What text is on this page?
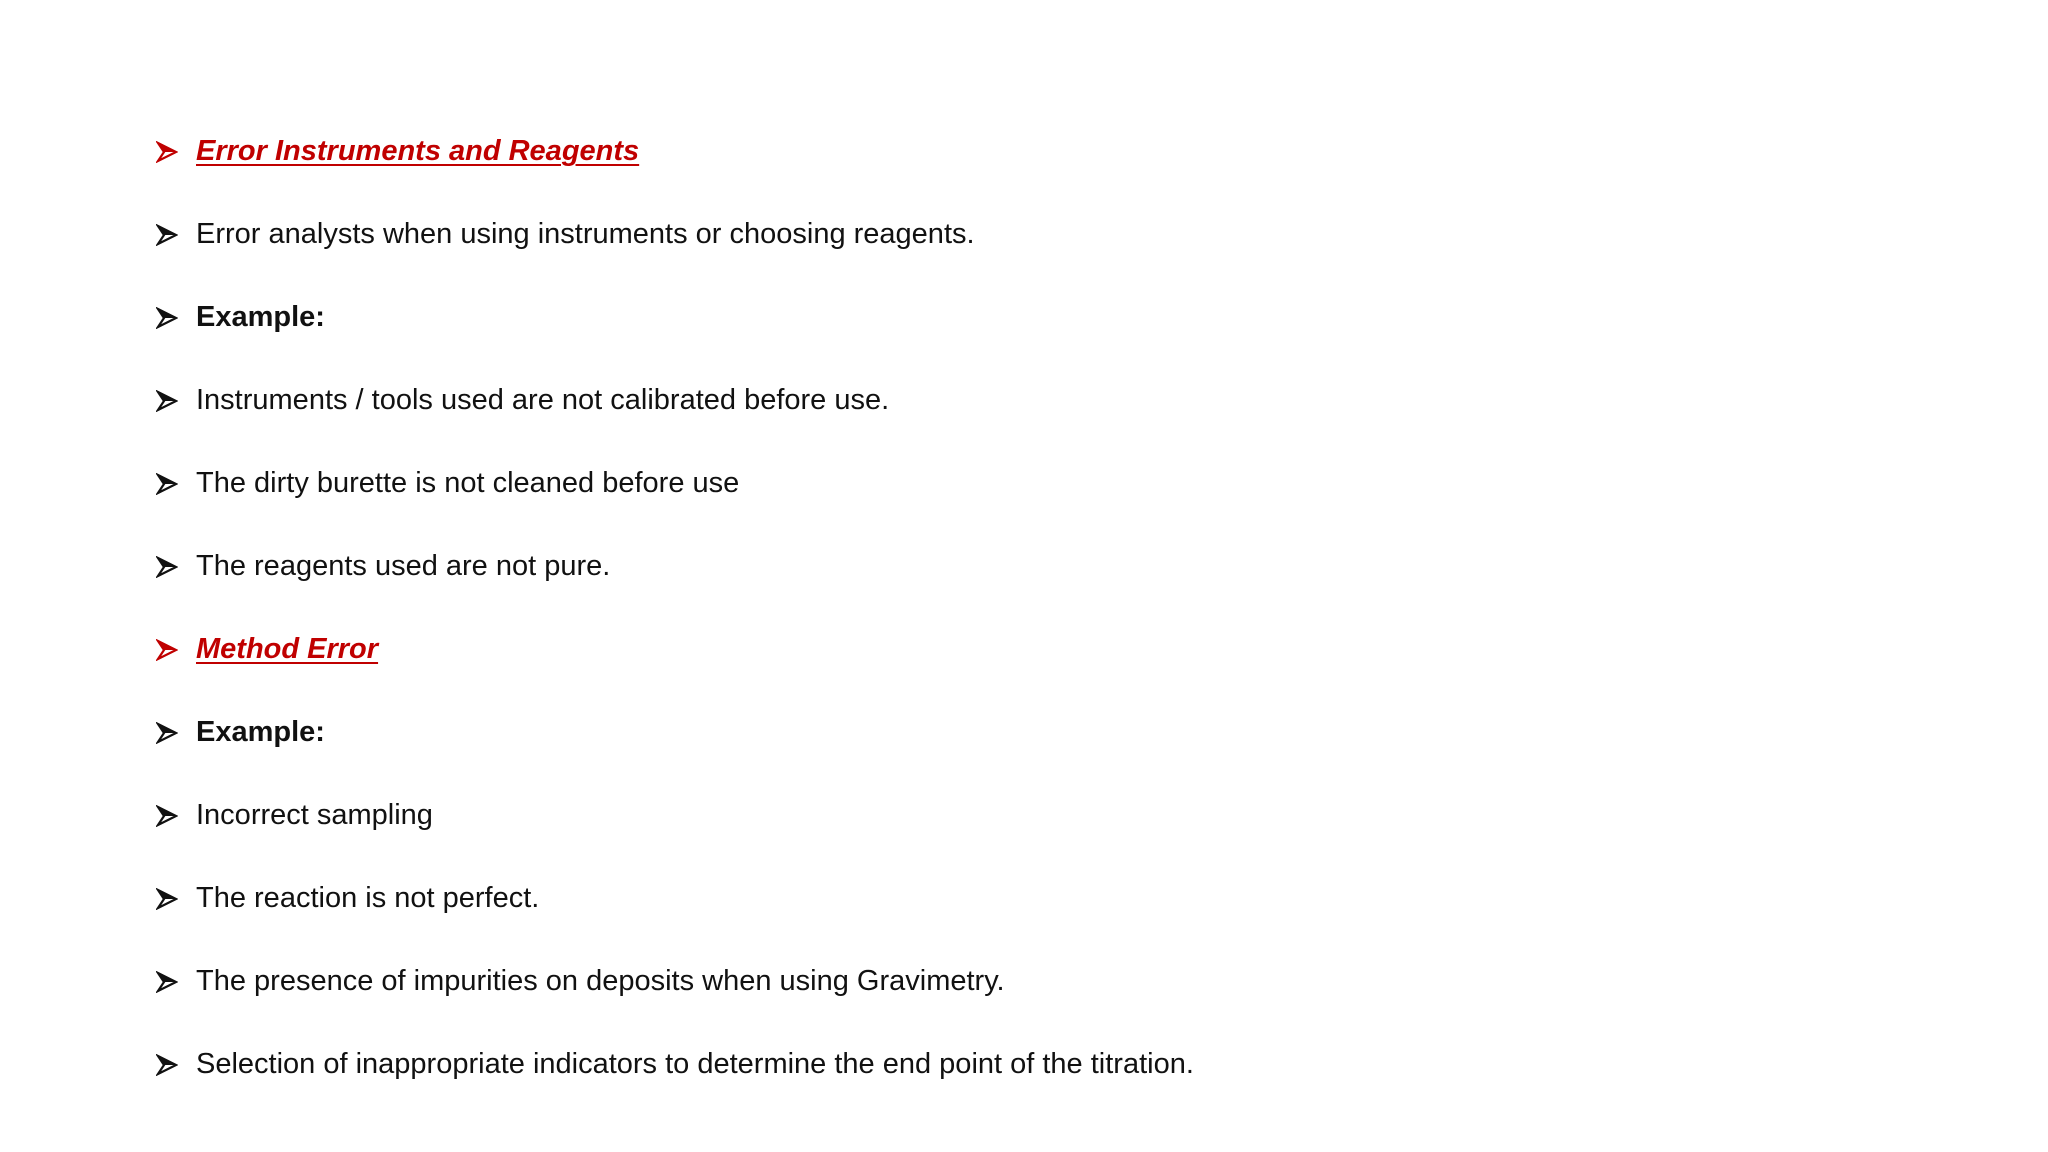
Error Instruments and Reagents
Error analysts when using instruments or choosing reagents.
Example:
Instruments / tools used are not calibrated before use.
The dirty burette is not cleaned before use
The reagents used are not pure.
Method Error
Example:
Incorrect sampling
The reaction is not perfect.
The presence of impurities on deposits when using Gravimetry.
Selection of inappropriate indicators to determine the end point of the titration.
